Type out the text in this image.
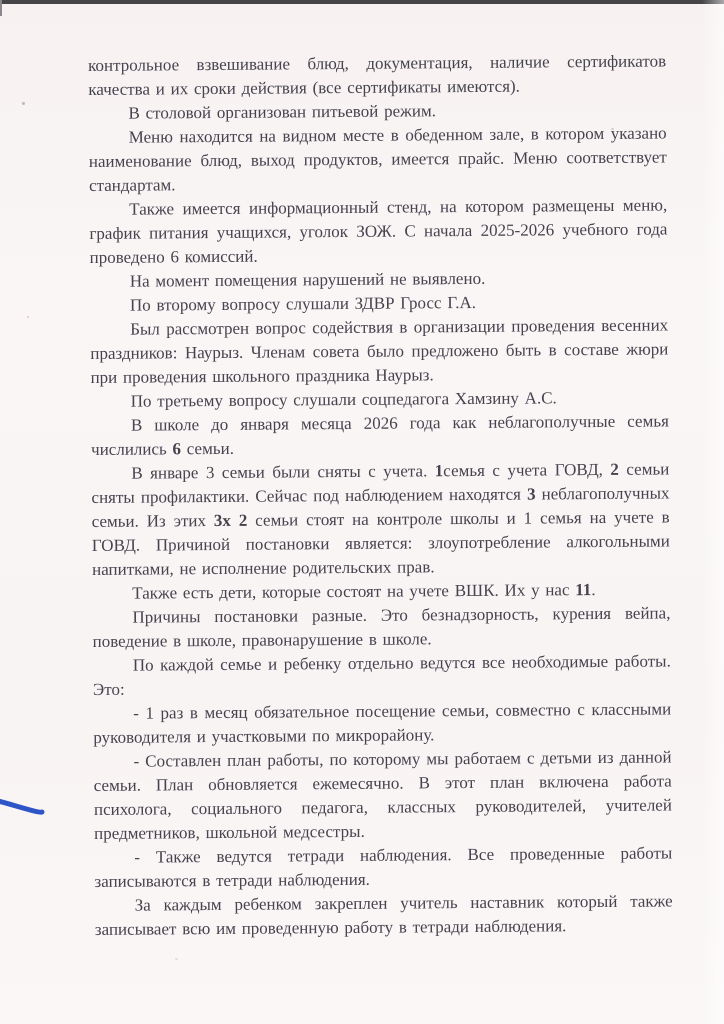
контрольное взвешивание блюд, документация, наличие сертификатов качества и их сроки действия (все сертификаты имеются).

В столовой организован питьевой режим.

Меню находится на видном месте в обеденном зале, в котором указано наименование блюд, выход продуктов, имеется прайс. Меню соответствует стандартам.

Также имеется информационный стенд, на котором размещены меню, график питания учащихся, уголок ЗОЖ. С начала 2025-2026 учебного года проведено 6 комиссий.

На момент помещения нарушений не выявлено.

По второму вопросу слушали ЗДВР Гросс Г.А.

Был рассмотрен вопрос содействия в организации проведения весенних праздников: Наурыз. Членам совета было предложено быть в составе жюри при проведения школьного праздника Наурыз.

По третьему вопросу слушали соцпедагога Хамзину А.С.

В школе до января месяца 2026 года как неблагополучные семья числились 6 семьи.

В январе 3 семьи были сняты с учета. 1семья с учета ГОВД, 2 семьи сняты профилактики. Сейчас под наблюдением находятся 3 неблагополучных семьи. Из этих 3х 2 семьи стоят на контроле школы и 1 семья на учете в ГОВД. Причиной постановки является: злоупотребление алкогольными напитками, не исполнение родительских прав.

Также есть дети, которые состоят на учете ВШК. Их у нас 11.

Причины постановки разные. Это безнадзорность, курения вейпа, поведение в школе, правонарушение в школе.

По каждой семье и ребенку отдельно ведутся все необходимые работы. Это:

- 1 раз в месяц обязательное посещение семьи, совместно с классными руководителя и участковыми по микрорайону.

- Составлен план работы, по которому мы работаем с детьми из данной семьи. План обновляется ежемесячно. В этот план включена работа психолога, социального педагога, классных руководителей, учителей предметников, школьной медсестры.

- Также ведутся тетради наблюдения. Все проведенные работы записываются в тетради наблюдения.

За каждым ребенком закреплен учитель наставник который также записывает всю им проведенную работу в тетради наблюдения.
